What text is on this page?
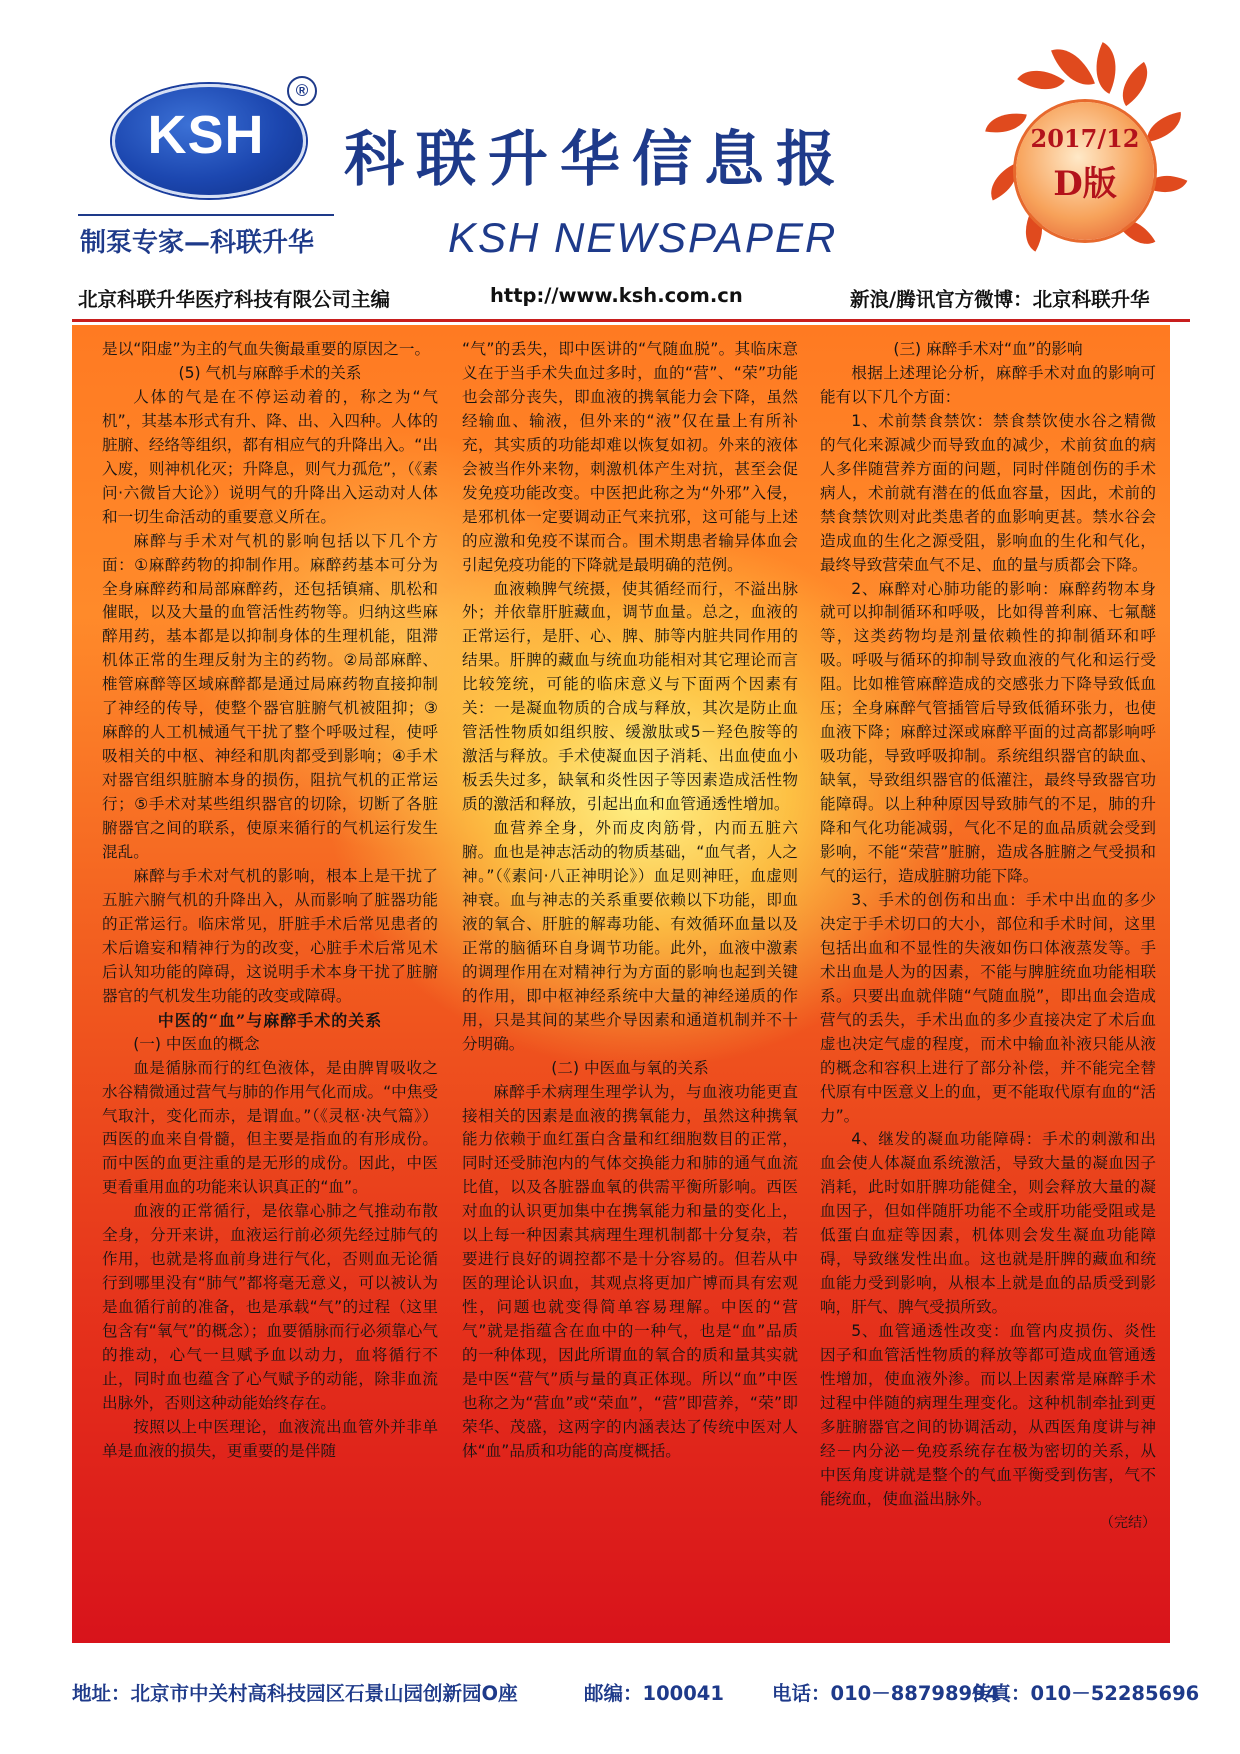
KSH
®
科联升华信息报
制泵专家—科联升华	KSH NEWSPAPER
2017/12
D版
北京科联升华医疗科技有限公司主编	http://www.ksh.com.cn	新浪/腾讯官方微博：北京科联升华

是以“阳虚”为主的气血失衡最重要的原因之一。

(5) 气机与麻醉手术的关系

人体的气是在不停运动着的，称之为“气机”，其基本形式有升、降、出、入四种。人体的脏腑、经络等组织，都有相应气的升降出入。“出入废，则神机化灭；升降息，则气力孤危”，（《素问·六微旨大论》）说明气的升降出入运动对人体和一切生命活动的重要意义所在。

麻醉与手术对气机的影响包括以下几个方面：①麻醉药物的抑制作用。麻醉药基本可分为全身麻醉药和局部麻醉药，还包括镇痛、肌松和催眠，以及大量的血管活性药物等。归纳这些麻醉用药，基本都是以抑制身体的生理机能，阻滞机体正常的生理反射为主的药物。②局部麻醉、椎管麻醉等区域麻醉都是通过局麻药物直接抑制了神经的传导，使整个器官脏腑气机被阻抑；③麻醉的人工机械通气干扰了整个呼吸过程，使呼吸相关的中枢、神经和肌肉都受到影响；④手术对器官组织脏腑本身的损伤，阻抗气机的正常运行；⑤手术对某些组织器官的切除，切断了各脏腑器官之间的联系，使原来循行的气机运行发生混乱。

麻醉与手术对气机的影响，根本上是干扰了五脏六腑气机的升降出入，从而影响了脏器功能的正常运行。临床常见，肝脏手术后常见患者的术后谵妄和精神行为的改变，心脏手术后常见术后认知功能的障碍，这说明手术本身干扰了脏腑器官的气机发生功能的改变或障碍。

中医的“血”与麻醉手术的关系

(一) 中医血的概念

血是循脉而行的红色液体，是由脾胃吸收之水谷精微通过营气与肺的作用气化而成。“中焦受气取汁，变化而赤，是谓血。”（《灵枢·决气篇》）西医的血来自骨髓，但主要是指血的有形成份。而中医的血更注重的是无形的成份。因此，中医更看重用血的功能来认识真正的“血”。

血液的正常循行，是依靠心肺之气推动布散全身，分开来讲，血液运行前必须先经过肺气的作用，也就是将血前身进行气化，否则血无论循行到哪里没有“肺气”都将毫无意义，可以被认为是血循行前的准备，也是承载“气”的过程（这里包含有“氧气”的概念）；血要循脉而行必须靠心气的推动，心气一旦赋予血以动力，血将循行不止，同时血也蕴含了心气赋予的动能，除非血流出脉外，否则这种动能始终存在。

按照以上中医理论，血液流出血管外并非单单是血液的损失，更重要的是伴随

“气”的丢失，即中医讲的“气随血脱”。其临床意义在于当手术失血过多时，血的“营”、“荣”功能也会部分丧失，即血液的携氧能力会下降，虽然经输血、输液，但外来的“液”仅在量上有所补充，其实质的功能却难以恢复如初。外来的液体会被当作外来物，刺激机体产生对抗，甚至会促发免疫功能改变。中医把此称之为“外邪”入侵，是邪机体一定要调动正气来抗邪，这可能与上述的应激和免疫不谋而合。围术期患者输异体血会引起免疫功能的下降就是最明确的范例。

血液赖脾气统摄，使其循经而行，不溢出脉外；并依靠肝脏藏血，调节血量。总之，血液的正常运行，是肝、心、脾、肺等内脏共同作用的结果。肝脾的藏血与统血功能相对其它理论而言比较笼统，可能的临床意义与下面两个因素有关：一是凝血物质的合成与释放，其次是防止血管活性物质如组织胺、缓激肽或5－羟色胺等的激活与释放。手术使凝血因子消耗、出血使血小板丢失过多，缺氧和炎性因子等因素造成活性物质的激活和释放，引起出血和血管通透性增加。

血营养全身，外而皮肉筋骨，内而五脏六腑。血也是神志活动的物质基础，“血气者，人之神。”（《素问·八正神明论》）血足则神旺，血虚则神衰。血与神志的关系重要依赖以下功能，即血液的氧合、肝脏的解毒功能、有效循环血量以及正常的脑循环自身调节功能。此外，血液中激素的调理作用在对精神行为方面的影响也起到关键的作用，即中枢神经系统中大量的神经递质的作用，只是其间的某些介导因素和通道机制并不十分明确。

(二) 中医血与氧的关系

麻醉手术病理生理学认为，与血液功能更直接相关的因素是血液的携氧能力，虽然这种携氧能力依赖于血红蛋白含量和红细胞数目的正常，同时还受肺泡内的气体交换能力和肺的通气血流比值，以及各脏器血氧的供需平衡所影响。西医对血的认识更加集中在携氧能力和量的变化上，以上每一种因素其病理生理机制都十分复杂，若要进行良好的调控都不是十分容易的。但若从中医的理论认识血，其观点将更加广博而具有宏观性，问题也就变得简单容易理解。中医的“营气”就是指蕴含在血中的一种气，也是“血”品质的一种体现，因此所谓血的氧合的质和量其实就是中医“营气”质与量的真正体现。所以“血”中医也称之为“营血”或“荣血”，“营”即营养，“荣”即荣华、茂盛，这两字的内涵表达了传统中医对人体“血”品质和功能的高度概括。

(三) 麻醉手术对“血”的影响

根据上述理论分析，麻醉手术对血的影响可能有以下几个方面：

1、术前禁食禁饮：禁食禁饮使水谷之精微的气化来源减少而导致血的减少，术前贫血的病人多伴随营养方面的问题，同时伴随创伤的手术病人，术前就有潜在的低血容量，因此，术前的禁食禁饮则对此类患者的血影响更甚。禁水谷会造成血的生化之源受阻，影响血的生化和气化，最终导致营荣血气不足、血的量与质都会下降。

2、麻醉对心肺功能的影响：麻醉药物本身就可以抑制循环和呼吸，比如得普利麻、七氟醚等，这类药物均是剂量依赖性的抑制循环和呼吸。呼吸与循环的抑制导致血液的气化和运行受阻。比如椎管麻醉造成的交感张力下降导致低血压；全身麻醉气管插管后导致低循环张力，也使血液下降；麻醉过深或麻醉平面的过高都影响呼吸功能，导致呼吸抑制。系统组织器官的缺血、缺氧，导致组织器官的低灌注，最终导致器官功能障碍。以上种种原因导致肺气的不足，肺的升降和气化功能减弱，气化不足的血品质就会受到影响，不能“荣营”脏腑，造成各脏腑之气受损和气的运行，造成脏腑功能下降。

3、手术的创伤和出血：手术中出血的多少决定于手术切口的大小，部位和手术时间，这里包括出血和不显性的失液如伤口体液蒸发等。手术出血是人为的因素，不能与脾脏统血功能相联系。只要出血就伴随“气随血脱”，即出血会造成营气的丢失，手术出血的多少直接决定了术后血虚也决定气虚的程度，而术中输血补液只能从液的概念和容积上进行了部分补偿，并不能完全替代原有中医意义上的血，更不能取代原有血的“活力”。

4、继发的凝血功能障碍：手术的刺激和出血会使人体凝血系统激活，导致大量的凝血因子消耗，此时如肝脾功能健全，则会释放大量的凝血因子，但如伴随肝功能不全或肝功能受阻或是低蛋白血症等因素，机体则会发生凝血功能障碍，导致继发性出血。这也就是肝脾的藏血和统血能力受到影响，从根本上就是血的品质受到影响，肝气、脾气受损所致。

5、血管通透性改变：血管内皮损伤、炎性因子和血管活性物质的释放等都可造成血管通透性增加，使血液外渗。而以上因素常是麻醉手术过程中伴随的病理生理变化。这种机制牵扯到更多脏腑器官之间的协调活动，从西医角度讲与神经－内分泌－免疫系统存在极为密切的关系，从中医角度讲就是整个的气血平衡受到伤害，气不能统血，使血溢出脉外。

（完结）

地址：北京市中关村高科技园区石景山园创新园O座	邮编：100041 电话：010－88798994
传真：010－52285696
